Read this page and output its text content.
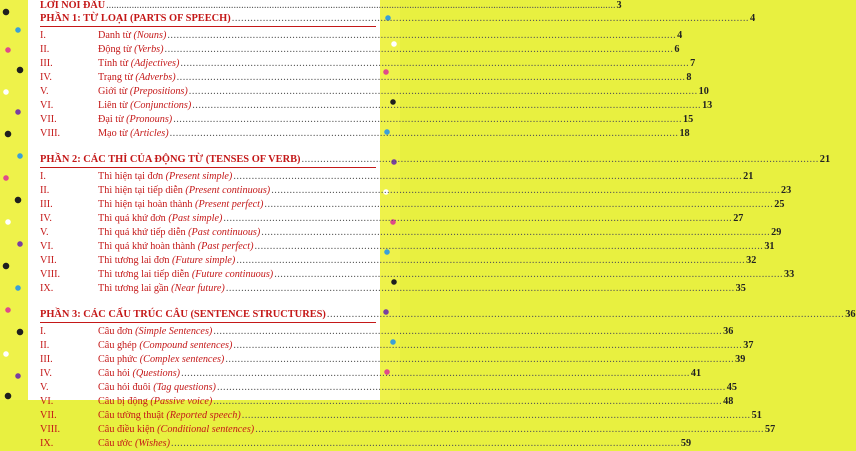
LỜI NÓI ĐẦU ........................................................................................................................................................................................................ 3
PHẦN 1: TỪ LOẠI (PARTS OF SPEECH) .....	4
I.	Danh từ (Nouns) .....	4
II.	Động từ (Verbs) .....	6
III.	Tính từ (Adjectives) .....	7
IV.	Trạng từ (Adverbs) .....	8
V.	Giới từ (Prepositions) .....	10
VI.	Liên từ (Conjunctions) .....	13
VII.	Đại từ (Pronouns) .....	15
VIII.	Mạo từ (Articles) .....	18
PHẦN 2: CÁC THÌ CỦA ĐỘNG TỪ (TENSES OF VERB) .....	21
I.	Thì hiện tại đơn (Present simple) .....	21
II.	Thì hiện tại tiếp diễn (Present continuous) .....	23
III.	Thì hiện tại hoàn thành (Present perfect) .....	25
IV.	Thì quá khứ đơn (Past simple) .....	27
V.	Thì quá khứ tiếp diễn (Past continuous) .....	29
VI.	Thì quá khứ hoàn thành (Past perfect) .....	31
VII.	Thì tương lai đơn (Future simple) .....	32
VIII.	Thì tương lai tiếp diễn (Future continuous) .....	33
IX.	Thì tương lai gần (Near future) .....	35
PHẦN 3: CÁC CẤU TRÚC CÂU (SENTENCE STRUCTURES) .....	36
I.	Câu đơn (Simple Sentences) .....	36
II.	Câu ghép (Compound sentences) .....	37
III.	Câu phức (Complex sentences) .....	39
IV.	Câu hỏi (Questions) .....	41
V.	Câu hỏi đuôi (Tag questions) .....	45
VI.	Câu bị động (Passive voice) .....	48
VII.	Câu tường thuật (Reported speech) .....	51
VIII.	Câu điều kiện (Conditional sentences) .....	57
IX.	Câu ước (Wishes) .....	59
